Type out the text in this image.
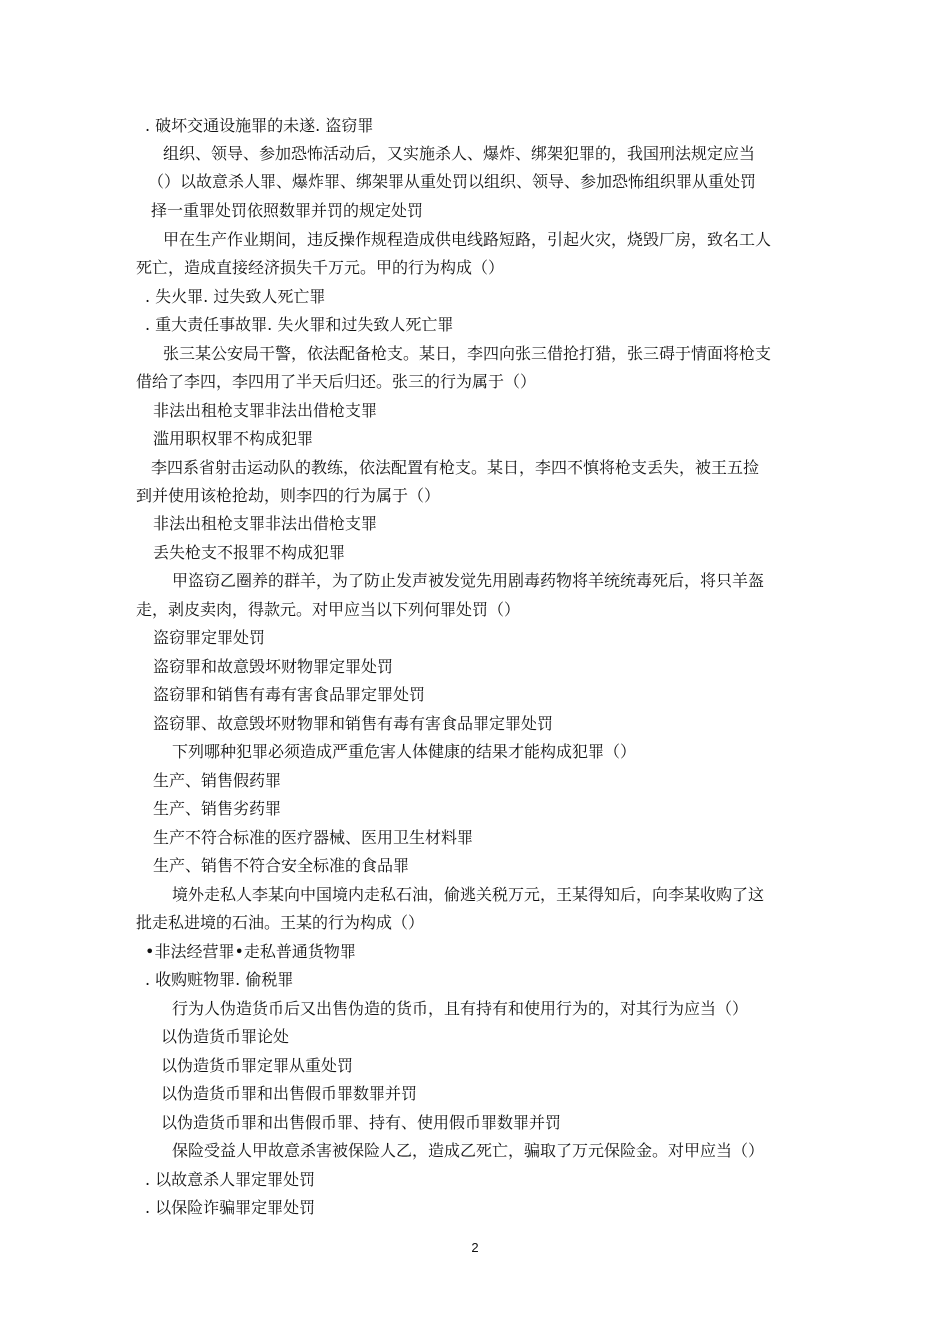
. 破坏交通设施罪的未遂. 盗窃罪
组织、领导、参加恐怖活动后，又实施杀人、爆炸、绑架犯罪的，我国刑法规定应当
（）以故意杀人罪、爆炸罪、绑架罪从重处罚以组织、领导、参加恐怖组织罪从重处罚
择一重罪处罚依照数罪并罚的规定处罚
甲在生产作业期间，违反操作规程造成供电线路短路，引起火灾，烧毁厂房，致名工人
死亡，造成直接经济损失千万元。甲的行为构成（）
. 失火罪. 过失致人死亡罪
. 重大责任事故罪. 失火罪和过失致人死亡罪
张三某公安局干警，依法配备枪支。某日，李四向张三借抢打猎，张三碍于情面将枪支
借给了李四，李四用了半天后归还。张三的行为属于（）
非法出租枪支罪非法出借枪支罪
滥用职权罪不构成犯罪
李四系省射击运动队的教练，依法配置有枪支。某日，李四不慎将枪支丢失，被王五捡
到并使用该枪抢劫，则李四的行为属于（）
非法出租枪支罪非法出借枪支罪
丢失枪支不报罪不构成犯罪
甲盗窃乙圈养的群羊，为了防止发声被发觉先用剧毒药物将羊统统毒死后，将只羊盔
走，剥皮卖肉，得款元。对甲应当以下列何罪处罚（）
盗窃罪定罪处罚
盗窃罪和故意毁坏财物罪定罪处罚
盗窃罪和销售有毒有害食品罪定罪处罚
盗窃罪、故意毁坏财物罪和销售有毒有害食品罪定罪处罚
下列哪种犯罪必须造成严重危害人体健康的结果才能构成犯罪（）
生产、销售假药罪
生产、销售劣药罪
生产不符合标准的医疗器械、医用卫生材料罪
生产、销售不符合安全标准的食品罪
境外走私人李某向中国境内走私石油，偷逃关税万元，王某得知后，向李某收购了这
批走私进境的石油。王某的行为构成（）
•非法经营罪•走私普通货物罪
. 收购赃物罪. 偷税罪
行为人伪造货币后又出售伪造的货币，且有持有和使用行为的，对其行为应当（）
以伪造货币罪论处
以伪造货币罪定罪从重处罚
以伪造货币罪和出售假币罪数罪并罚
以伪造货币罪和出售假币罪、持有、使用假币罪数罪并罚
保险受益人甲故意杀害被保险人乙，造成乙死亡，骗取了万元保险金。对甲应当（）
. 以故意杀人罪定罪处罚
. 以保险诈骗罪定罪处罚
2
